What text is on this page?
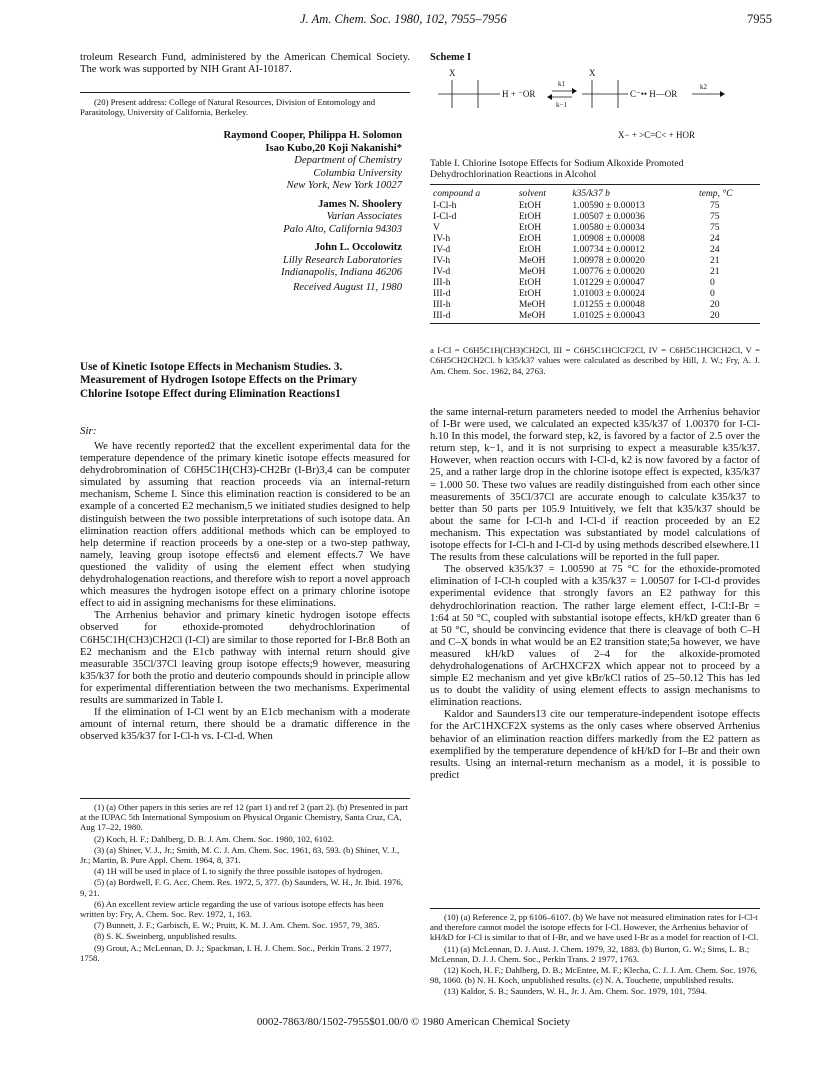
J. Am. Chem. Soc. 1980, 102, 7955–7956	7955

troleum Research Fund, administered by the American Chemical Society. The work was supported by NIH Grant AI-10187.

(20) Present address: College of Natural Resources, Division of Entomology and Parasitology, University of California, Berkeley.

Raymond Cooper, Philippa H. Solomon
Isao Kubo,20 Koji Nakanishi*
Department of Chemistry
Columbia University
New York, New York 10027
James N. Shoolery
Varian Associates
Palo Alto, California 94303
John L. Occolowitz
Lilly Research Laboratories
Indianapolis, Indiana 46206
Received August 11, 1980
Use of Kinetic Isotope Effects in Mechanism Studies. 3. Measurement of Hydrogen Isotope Effects on the Primary Chlorine Isotope Effect during Elimination Reactions1
Sir:

We have recently reported2 that the excellent experimental data for the temperature dependence of the primary kinetic isotope effects measured for dehydrobromination of C6H5C1H(CH3)-CH2Br (I-Br)3,4 can be computer simulated by assuming that reaction proceeds via an internal-return mechanism, Scheme I. Since this elimination reaction is considered to be an example of a concerted E2 mechanism,5 we initiated studies designed to help distinguish between the two possible interpretations of such isotope data. An elimination reaction offers additional methods which can be employed to help determine if reaction proceeds by a one-step or a two-step pathway, namely, leaving group isotope effects6 and element effects.7 We have questioned the validity of using the element effect when studying dehydrohalogenation reactions, and therefore wish to report a novel approach which measures the hydrogen isotope effect on a primary chlorine isotope effect to aid in assigning mechanisms for these eliminations.

The Arrhenius behavior and primary kinetic hydrogen isotope effects observed for ethoxide-promoted dehydrochlorination of C6H5C1H(CH3)CH2Cl (I-Cl) are similar to those reported for I-Br.8 Both an E2 mechanism and the E1cb pathway with internal return should give measurable 35Cl/37Cl leaving group isotope effects;9 however, measuring k35/k37 for both the protio and deuterio compounds should in principle allow for experimental differentiation between the two mechanisms. Experimental results are summarized in Table I.

If the elimination of I-Cl went by an E1cb mechanism with a moderate amount of internal return, there should be a dramatic difference in the observed k35/k37 for I-Cl-h vs. I-Cl-d. When

(1) (a) Other papers in this series are ref 12 (part 1) and ref 2 (part 2). (b) Presented in part at the IUPAC 5th International Symposium on Physical Organic Chemistry, Santa Cruz, CA, Aug 17–22, 1980.

(2) Koch, H. F.; Dahlberg, D. B. J. Am. Chem. Soc. 1980, 102, 6102.

(3) (a) Shiner, V. J., Jr.; Smith, M. C. J. Am. Chem. Soc. 1961, 83, 593. (b) Shiner, V. J., Jr.; Martin, B. Pure Appl. Chem. 1964, 8, 371.

(4) 1H will be used in place of L to signify the three possible isotopes of hydrogen.

(5) (a) Bordwell, F. G. Acc. Chem. Res. 1972, 5, 377. (b) Saunders, W. H., Jr. Ibid. 1976, 9, 21.

(6) An excellent review article regarding the use of various isotope effects has been written by: Fry, A. Chem. Soc. Rev. 1972, 1, 163.

(7) Bunnett, J. F.; Garbisch, E. W.; Pruitt, K. M. J. Am. Chem. Soc. 1957, 79, 385.

(8) S. K. Sweinberg, unpublished results.

(9) Grout, A.; McLennan, D. J.; Spackman, I. H. J. Chem. Soc., Perkin Trans. 2 1977, 1758.

Scheme I
X
H + ⁻OR
k1
k−1
X
C⁻•• H—OR
k2
X− + >C=C< + HOR
Table I. Chlorine Isotope Effects for Sodium Alkoxide Promoted Dehydrochlorination Reactions in Alcohol
compound a	solvent	k35/k37 b	temp, °C
I-Cl-h	EtOH	1.00590 ± 0.00013	75
I-Cl-d	EtOH	1.00507 ± 0.00036	75
V	EtOH	1.00580 ± 0.00034	75
IV-h	EtOH	1.00908 ± 0.00008	24
IV-d	EtOH	1.00734 ± 0.00012	24
IV-h	MeOH	1.00978 ± 0.00020	21
IV-d	MeOH	1.00776 ± 0.00020	21
III-h	EtOH	1.01229 ± 0.00047	0
III-d	EtOH	1.01003 ± 0.00024	0
III-h	MeOH	1.01255 ± 0.00048	20
III-d	MeOH	1.01025 ± 0.00043	20
a I-Cl = C6H5C1H(CH3)CH2Cl, III = C6H5C1HClCF2Cl, IV = C6H5C1HClCH2Cl, V = C6H5CH2CH2Cl. b k35/k37 values were calculated as described by Hill, J. W.; Fry, A. J. Am. Chem. Soc. 1962, 84, 2763.

the same internal-return parameters needed to model the Arrhenius behavior of I-Br were used, we calculated an expected k35/k37 of 1.00370 for I-Cl-h.10 In this model, the forward step, k2, is favored by a factor of 2.5 over the return step, k−1, and it is not surprising to expect a measurable k35/k37. However, when reaction occurs with I-Cl-d, k2 is now favored by a factor of 25, and a rather large drop in the chlorine isotope effect is expected, k35/k37 = 1.000 50. These two values are readily distinguished from each other since measurements of 35Cl/37Cl are accurate enough to calculate k35/k37 to better than 50 parts per 105.9 Intuitively, we felt that k35/k37 should be about the same for I-Cl-h and I-Cl-d if reaction proceeded by an E2 mechanism. This expectation was substantiated by model calculations of isotope effects for I-Cl-h and I-Cl-d by using methods described elsewhere.11 The results from these calculations will be reported in the full paper.

The observed k35/k37 = 1.00590 at 75 °C for the ethoxide-promoted elimination of I-Cl-h coupled with a k35/k37 = 1.00507 for I-Cl-d provides experimental evidence that strongly favors an E2 pathway for this dehydrochlorination reaction. The rather large element effect, I-Cl:I-Br = 1:64 at 50 °C, coupled with substantial isotope effects, kH/kD greater than 6 at 50 °C, should be convincing evidence that there is cleavage of both C–H and C–X bonds in what would be an E2 transition state;5a however, we have measured kH/kD values of 2–4 for the alkoxide-promoted dehydrohalogenations of ArCHXCF2X which appear not to proceed by a simple E2 mechanism and yet give kBr/kCl ratios of 25–50.12 This has led us to doubt the validity of using element effects to assign mechanisms to elimination reactions.

Kaldor and Saunders13 cite our temperature-independent isotope effects for the ArC1HXCF2X systems as the only cases where observed Arrhenius behavior of an elimination reaction differs markedly from the E2 pattern as exemplified by the temperature dependence of kH/kD for I–Br and their own results. Using an internal-return mechanism as a model, it is possible to predict

(10) (a) Reference 2, pp 6106–6107. (b) We have not measured elimination rates for I-Cl-t and therefore cannot model the isotope effects for I-Cl. However, the Arrhenius behavior of kH/kD for I-Cl is similar to that of I-Br, and we have used I-Br as a model for reaction of I-Cl.

(11) (a) McLennan, D. J. Aust. J. Chem. 1979, 32, 1883. (b) Burton, G. W.; Sims, L. B.; McLennan, D. J. J. Chem. Soc., Perkin Trans. 2 1977, 1763.

(12) Koch, H. F.; Dahlberg, D. B.; McEntee, M. F.; Klecha, C. J. J. Am. Chem. Soc. 1976, 98, 1060. (b) N. H. Koch, unpublished results. (c) N. A. Touchette, unpublished results.

(13) Kaldor, S. B.; Saunders, W. H., Jr. J. Am. Chem. Soc. 1979, 101, 7594.

0002-7863/80/1502-7955$01.00/0 © 1980 American Chemical Society
